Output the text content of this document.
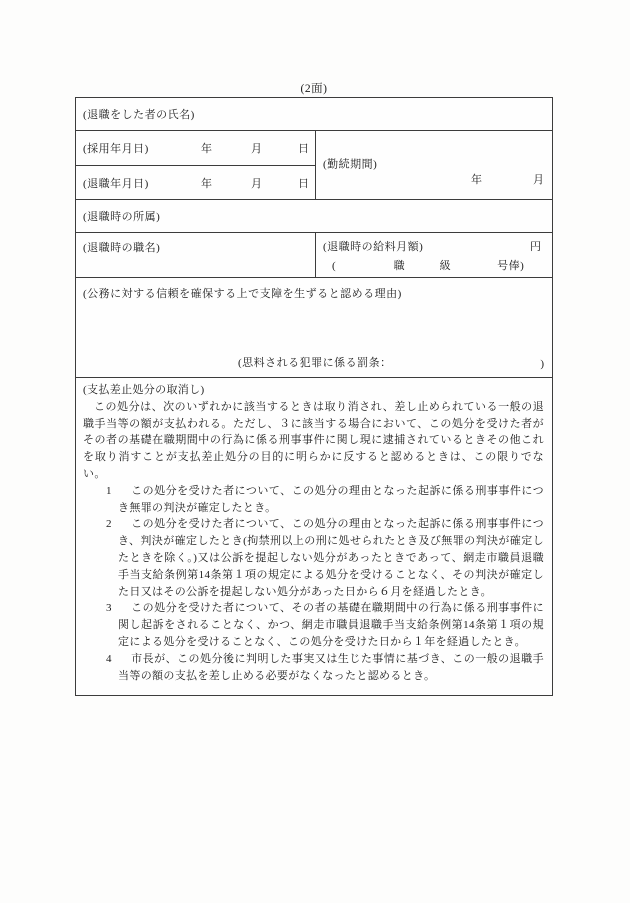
(2面)
(退職をした者の氏名)
(採用年月日)	年	月	日
(退職年月日)	年	月	日
(勤続期間)
年	月
(退職時の所属)
(退職時の職名)	(退職時の給料月額)	円
(　　　　　職　　　級　　　　号俸)
(公務に対する信頼を確保する上で支障を生ずると認める理由)
(思料される犯罪に係る罰条：	)
(支払差止処分の取消し)

この処分は、次のいずれかに該当するときは取り消され、差し止められている一般の退職手当等の額が支払われる。ただし、３に該当する場合において、この処分を受けた者がその者の基礎在職期間中の行為に係る刑事事件に関し現に逮捕されているときその他これを取り消すことが支払差止処分の目的に明らかに反すると認めるときは、この限りでない。

1 この処分を受けた者について、この処分の理由となった起訴に係る刑事事件につき無罪の判決が確定したとき。
2 この処分を受けた者について、この処分の理由となった起訴に係る刑事事件につき、判決が確定したとき(拘禁刑以上の刑に処せられたとき及び無罪の判決が確定したときを除く。)又は公訴を提起しない処分があったときであって、網走市職員退職手当支給条例第14条第１項の規定による処分を受けることなく、その判決が確定した日又はその公訴を提起しない処分があった日から６月を経過したとき。
3 この処分を受けた者について、その者の基礎在職期間中の行為に係る刑事事件に関し起訴をされることなく、かつ、網走市職員退職手当支給条例第14条第１項の規定による処分を受けることなく、この処分を受けた日から１年を経過したとき。
4 市長が、この処分後に判明した事実又は生じた事情に基づき、この一般の退職手当等の額の支払を差し止める必要がなくなったと認めるとき。
